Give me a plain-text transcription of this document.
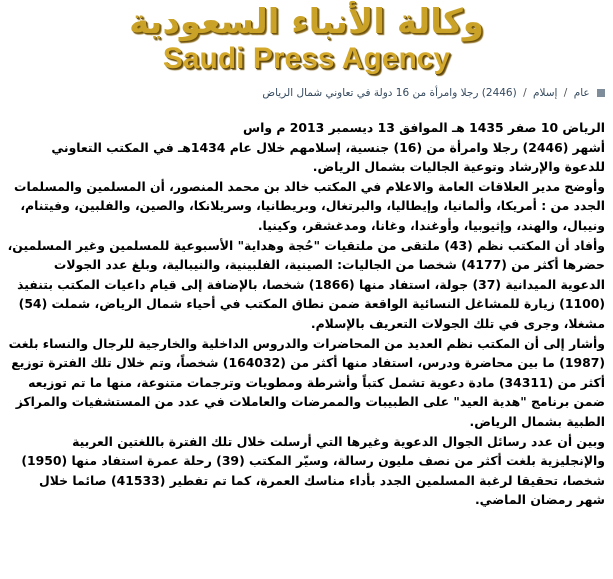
وكالة الأنباء السعودية
Saudi Press Agency
عام / إسلام / (2446) رجلا وامرأة من 16 دولة في تعاوني شمال الرياض

الرياض 10 صفر 1435 هـ الموافق 13 ديسمبر 2013 م واس

أشهر (2446) رجلا وامرأة من (16) جنسية، إسلامهم خلال عام 1434هـ في المكتب التعاوني للدعوة والإرشاد وتوعية الجاليات بشمال الرياض.

وأوضح مدير العلاقات العامة والاعلام في المكتب خالد بن محمد المنصور، أن المسلمين والمسلمات الجدد من : أمريكا، وألمانيا، وإيطاليا، والبرتغال، وبريطانيا، وسريلانكا، والصين، والفلبين، وفيتنام، ونيبال، والهند، وإثيوبيا، وأوغندا، وغانا، ومدغشقر، وكينيا.

وأفاد أن المكتب نظم (43) ملتقى من ملتقيات "حُجة وهداية" الأسبوعية للمسلمين وغير المسلمين، حضرها أكثر من (4177) شخصا من الجاليات: الصينية، الفلبينية، والنيبالية، وبلغ عدد الجولات الدعوية الميدانية (37) جولة، استفاد منها (1866) شخصا، بالإضافة إلى قيام داعيات المكتب بتنفيذ (1100) زيارة للمشاغل النسائية الواقعة ضمن نطاق المكتب في أحياء شمال الرياض، شملت (54) مشغلا، وجرى في تلك الجولات التعريف بالإسلام.

وأشار إلى أن المكتب نظم العديد من المحاضرات والدروس الداخلية والخارجية للرجال والنساء بلغت (1987) ما بين محاضرة ودرس، استفاد منها أكثر من (164032) شخصاً، وتم خلال تلك الفترة توزيع أكثر من (34311) مادة دعوية تشمل كتباً وأشرطة ومطويات وترجمات متنوعة، منها ما تم توزيعه ضمن برنامج "هدية العيد" على الطبيبات والممرضات والعاملات في عدد من المستشفيات والمراكز الطبية بشمال الرياض.

وبين أن عدد رسائل الجوال الدعوية وغيرها التي أرسلت خلال تلك الفترة باللغتين العربية والإنجليزية بلغت أكثر من نصف مليون رسالة، وسيّر المكتب (39) رحلة عمرة استفاد منها (1950) شخصا، تحقيقا لرغبة المسلمين الجدد بأداء مناسك العمرة، كما تم تفطير (41533) صائما خلال شهر رمضان الماضي.
